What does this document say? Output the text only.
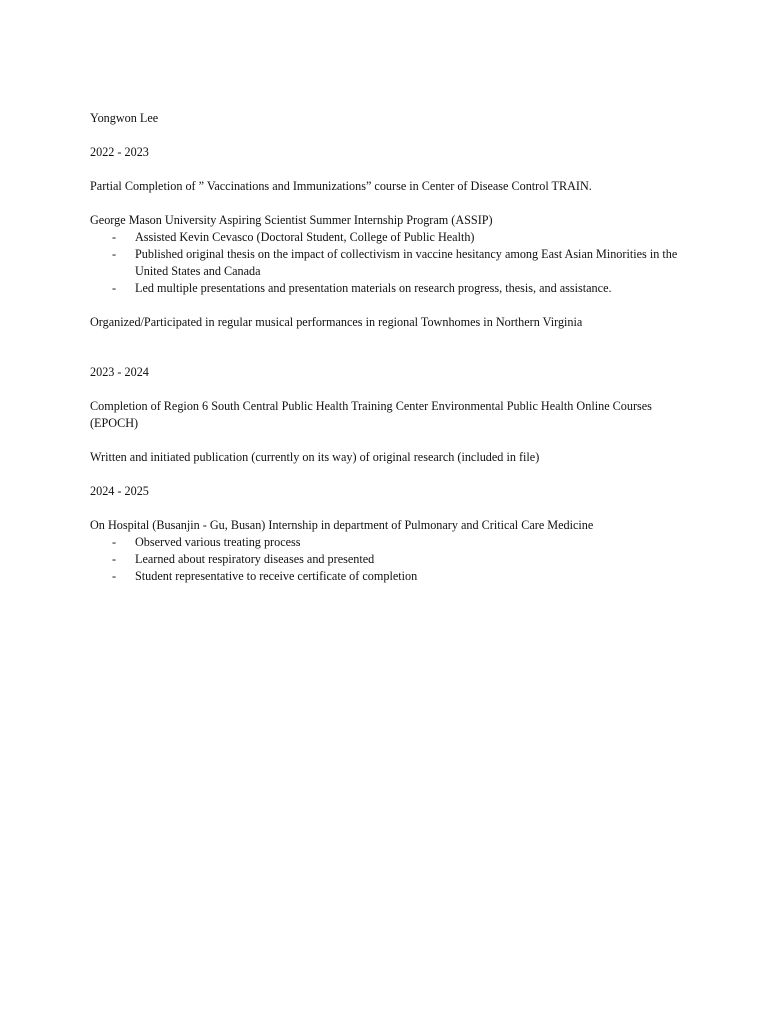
Yongwon Lee

2022 - 2023

Partial Completion of ” Vaccinations and Immunizations” course in Center of Disease Control TRAIN.

George Mason University Aspiring Scientist Summer Internship Program (ASSIP)

- Assisted Kevin Cevasco (Doctoral Student, College of Public Health)
- Published original thesis on the impact of collectivism in vaccine hesitancy among East Asian Minorities in the United States and Canada
- Led multiple presentations and presentation materials on research progress, thesis, and assistance.

Organized/Participated in regular musical performances in regional Townhomes in Northern Virginia

2023 - 2024

Completion of Region 6 South Central Public Health Training Center Environmental Public Health Online Courses (EPOCH)

Written and initiated publication (currently on its way) of original research (included in file)

2024 - 2025

On Hospital (Busanjin - Gu, Busan) Internship in department of Pulmonary and Critical Care Medicine

- Observed various treating process
- Learned about respiratory diseases and presented
- Student representative to receive certificate of completion
